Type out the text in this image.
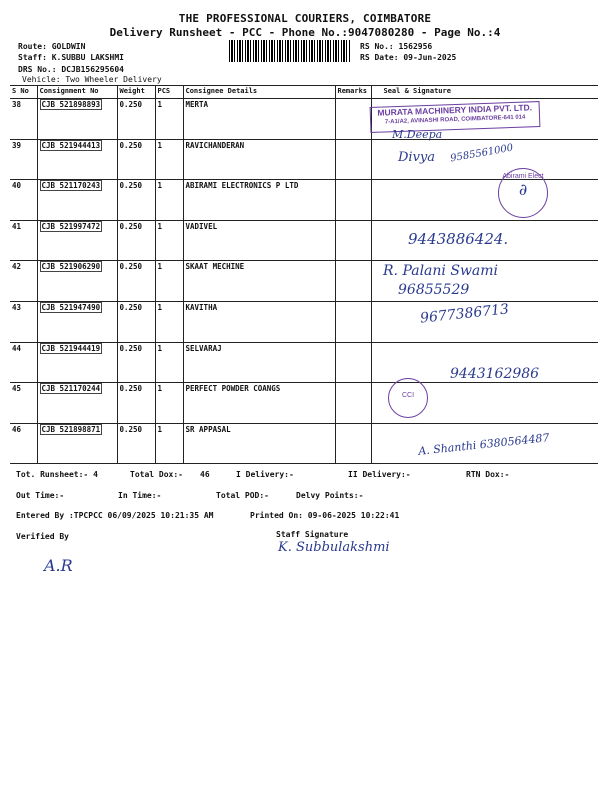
THE PROFESSIONAL COURIERS, COIMBATORE
Delivery Runsheet - PCC - Phone No.:9047080280 - Page No.:4
Route: GOLDWIN
Staff: K.SUBBU LAKSHMI
DRS No.: DCJB156295604
Vehicle: Two Wheeler Delivery
RS No.: 1562956
RS Date: 09-Jun-2025
S No	Consignment No	Weight	PCS	Consignee Details	Remarks	Seal & Signature
38	CJB 521898893	0.250	1	MERTA		
39	CJB 521944413	0.250	1	RAVICHANDERAN		
40	CJB 521170243	0.250	1	ABIRAMI ELECTRONICS P LTD		
41	CJB 521997472	0.250	1	VADIVEL		
42	CJB 521906290	0.250	1	SKAAT MECHINE		
43	CJB 521947490	0.250	1	KAVITHA		
44	CJB 521944419	0.250	1	SELVARAJ		
45	CJB 521170244	0.250	1	PERFECT POWDER COANGS		
46	CJB 521898871	0.250	1	SR APPASAL		
MURATA MACHINERY INDIA PVT. LTD.
7-A1/A2, AVINASHI ROAD, COIMBATORE-641 014
M.Deepa
Divya 9585561000
Abirami Elect
∂
9443886424.
R. Palani Swami
96855529
9677386713
9443162986
CCI
A. Shanthi 6380564487
Tot. Runsheet:- 4	Total Dox:- 46	I Delivery:-	II Delivery:-	RTN Dox:-
Out Time:-	In Time:-	Total POD:-	Delvy Points:-
Entered By :TPCPCC 06/09/2025 10:21:35 AM	Printed On: 09-06-2025 10:22:41
Verified By	Staff Signature
K. Subbulakshmi
A.R
